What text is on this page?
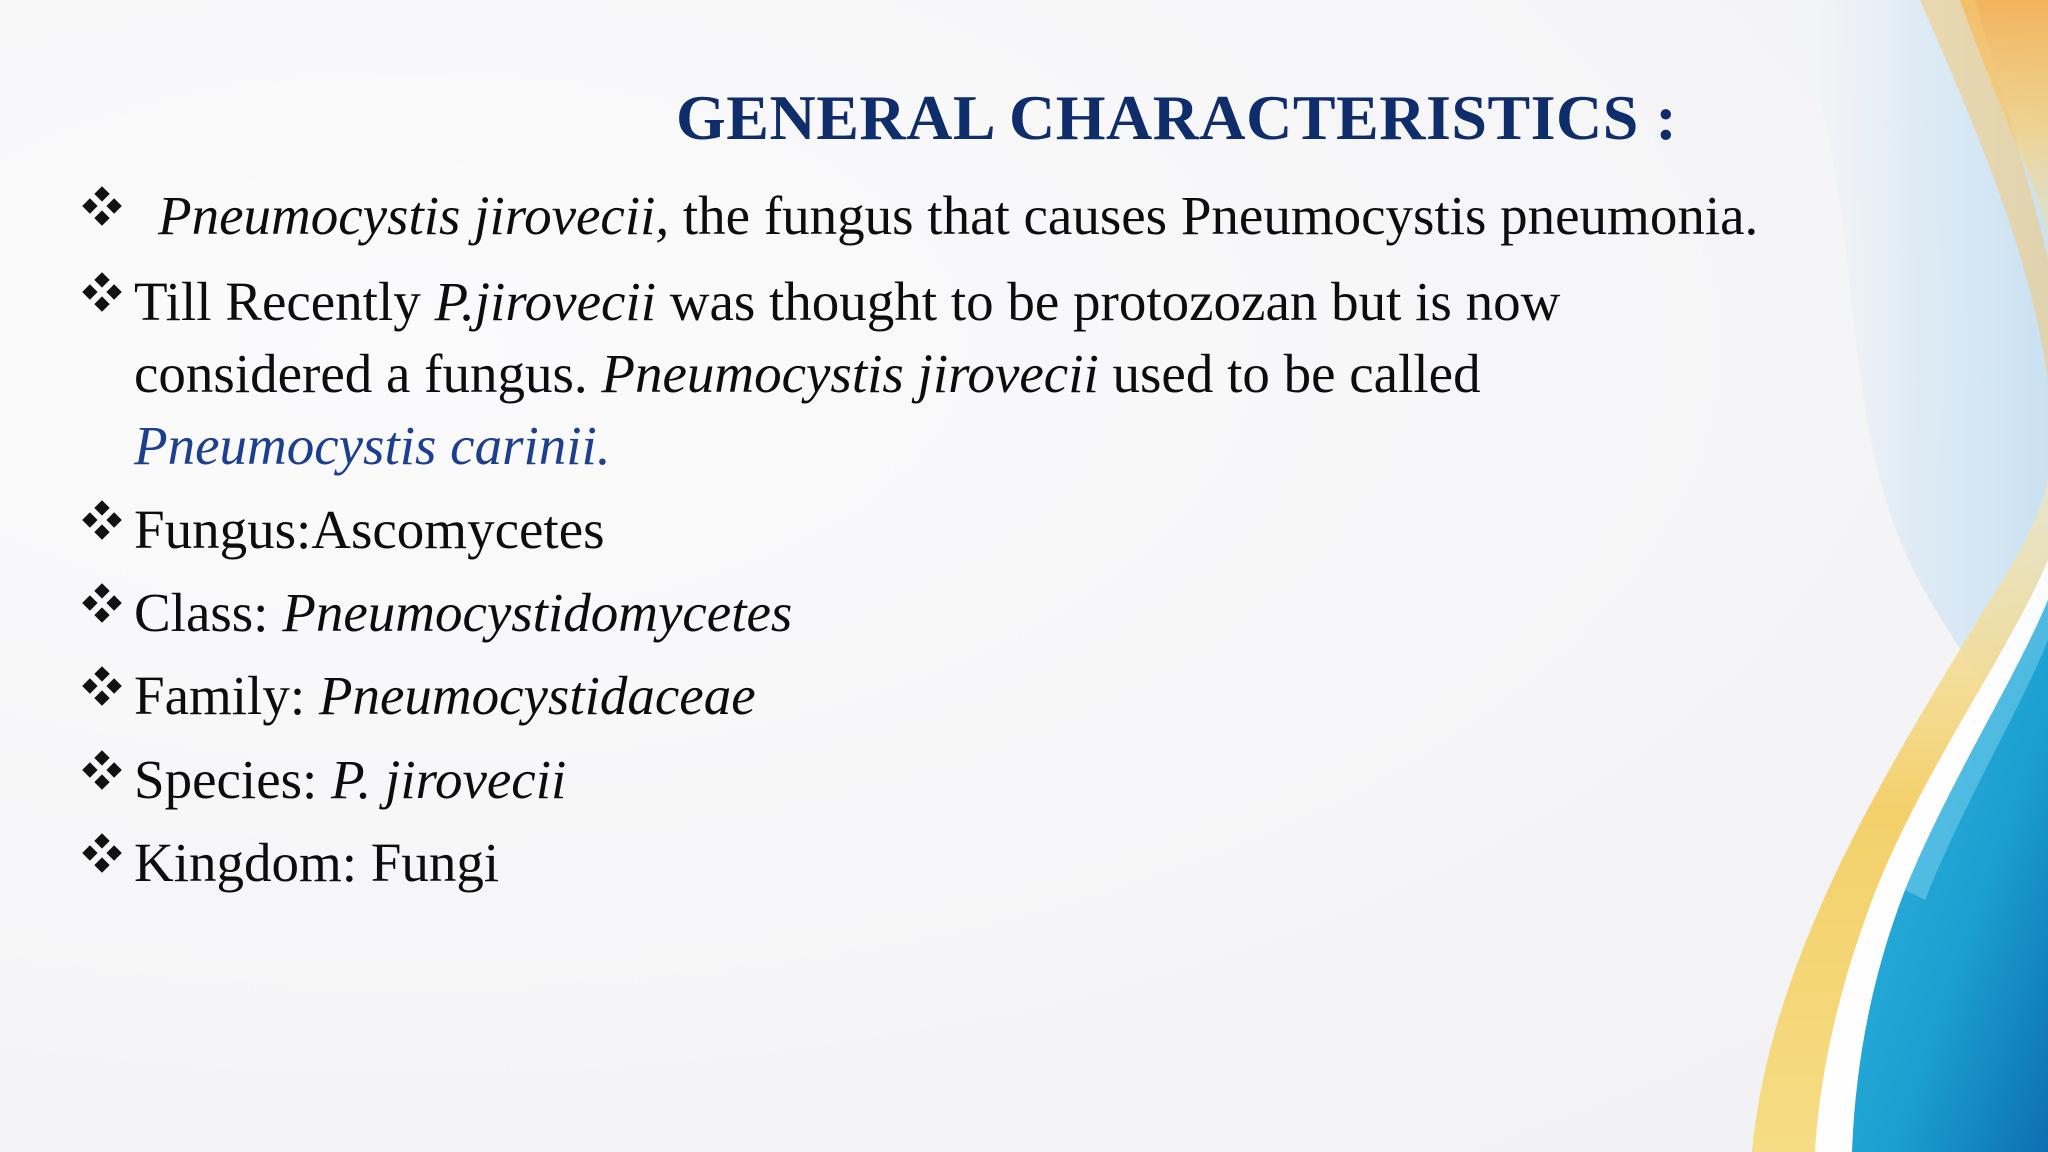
GENERAL CHARACTERISTICS :
Pneumocystis jirovecii, the fungus that causes Pneumocystis pneumonia.
Till Recently P.jirovecii was thought to be protozozan but is now
considered a fungus. Pneumocystis jirovecii used to be called
Pneumocystis carinii.
Fungus:Ascomycetes
Class: Pneumocystidomycetes
Family: Pneumocystidaceae
Species: P. jirovecii
Kingdom: Fungi
